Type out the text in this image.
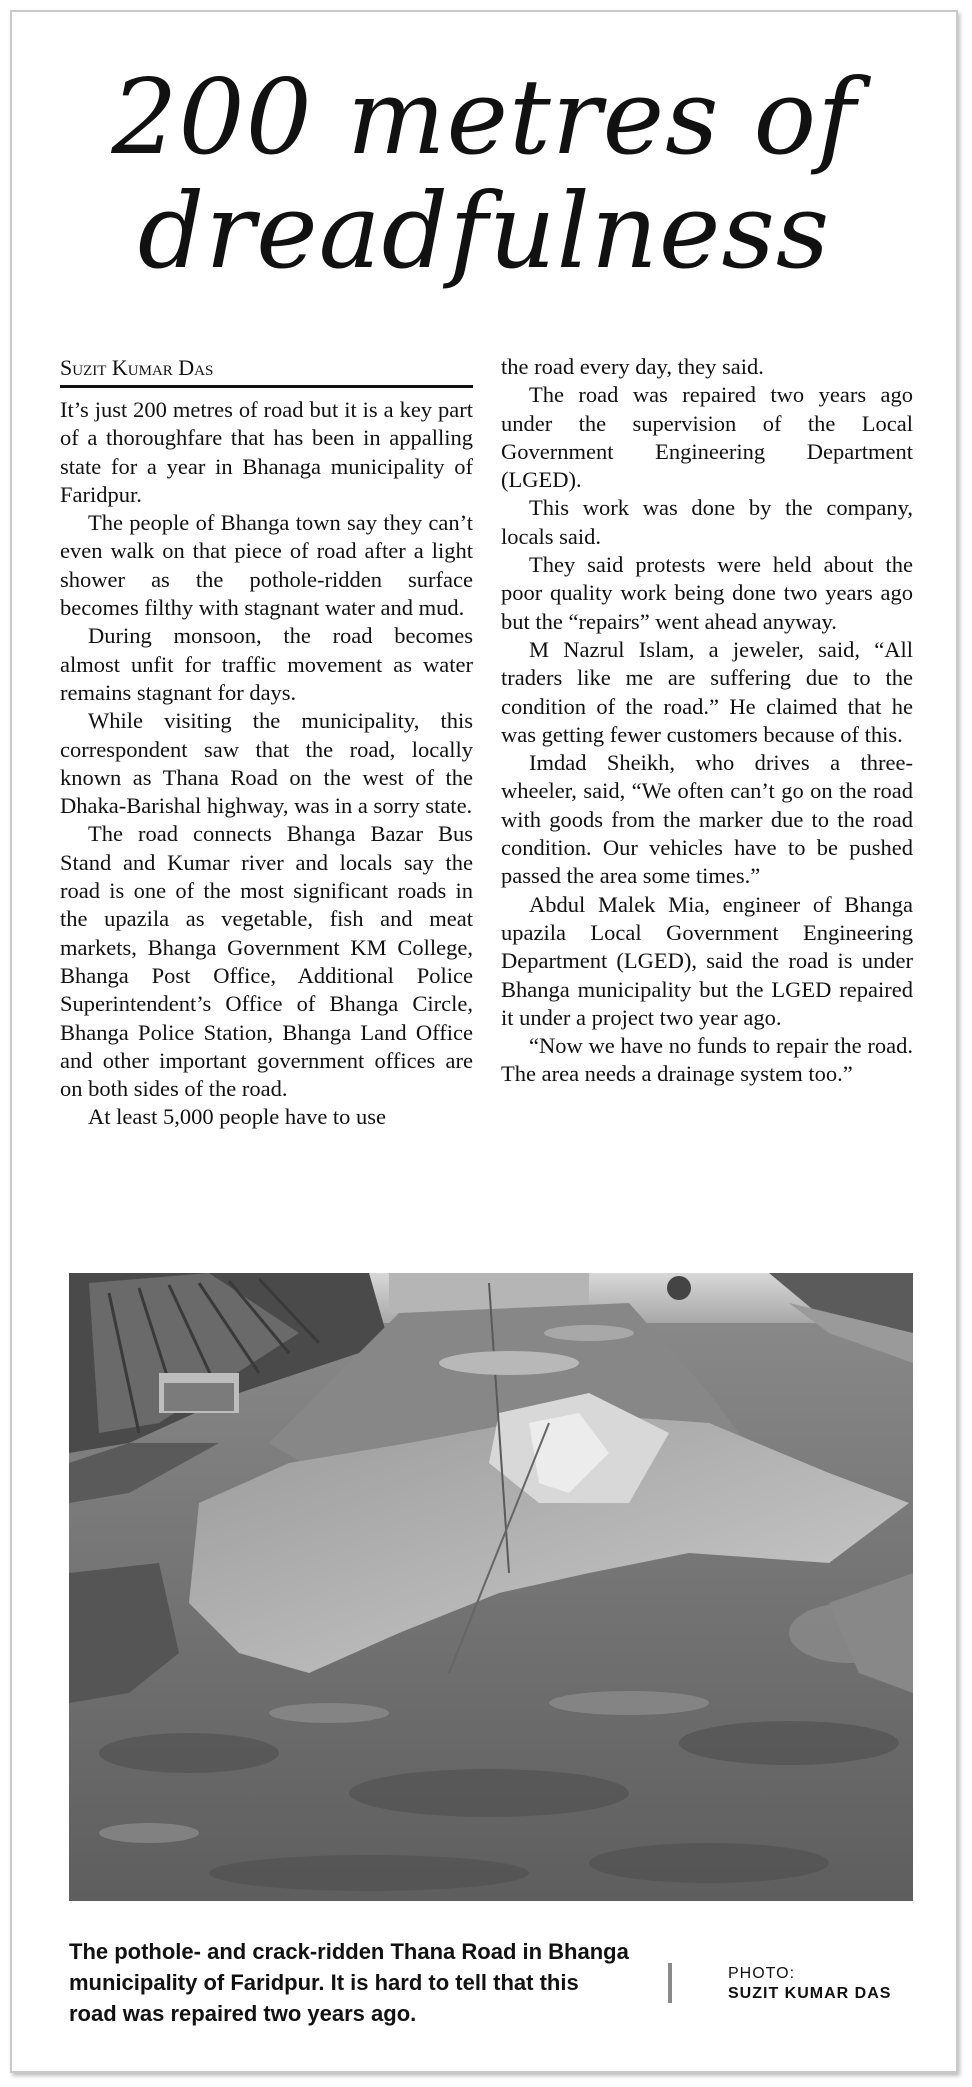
200 metres of
dreadfulness
Suzit Kumar Das

It’s just 200 metres of road but it is a key part of a thoroughfare that has been in appalling state for a year in Bhanaga municipality of Faridpur.

The people of Bhanga town say they can’t even walk on that piece of road after a light shower as the pothole-ridden surface becomes filthy with stagnant water and mud.

During monsoon, the road becomes almost unfit for traffic movement as water remains stagnant for days.

While visiting the municipality, this correspondent saw that the road, locally known as Thana Road on the west of the Dhaka-Barishal highway, was in a sorry state.

The road connects Bhanga Bazar Bus Stand and Kumar river and locals say the road is one of the most significant roads in the upazila as vegetable, fish and meat markets, Bhanga Government KM College, Bhanga Post Office, Additional Police Superintendent’s Office of Bhanga Circle, Bhanga Police Station, Bhanga Land Office and other important government offices are on both sides of the road.

At least 5,000 people have to use

the road every day, they said.

The road was repaired two years ago under the supervision of the Local Government Engineering Department (LGED).

This work was done by the company, locals said.

They said protests were held about the poor quality work being done two years ago but the “repairs” went ahead anyway.

M Nazrul Islam, a jeweler, said, “All traders like me are suffering due to the condition of the road.” He claimed that he was getting fewer customers because of this.

Imdad Sheikh, who drives a three-wheeler, said, “We often can’t go on the road with goods from the marker due to the road condition. Our vehicles have to be pushed passed the area some times.”

Abdul Malek Mia, engineer of Bhanga upazila Local Government Engineering Department (LGED), said the road is under Bhanga municipality but the LGED repaired it under a project two year ago.

“Now we have no funds to repair the road. The area needs a drainage system too.”

The pothole- and crack-ridden Thana Road in Bhanga municipality of Faridpur. It is hard to tell that this road was repaired two years ago.
PHOTO:
SUZIT KUMAR DAS
